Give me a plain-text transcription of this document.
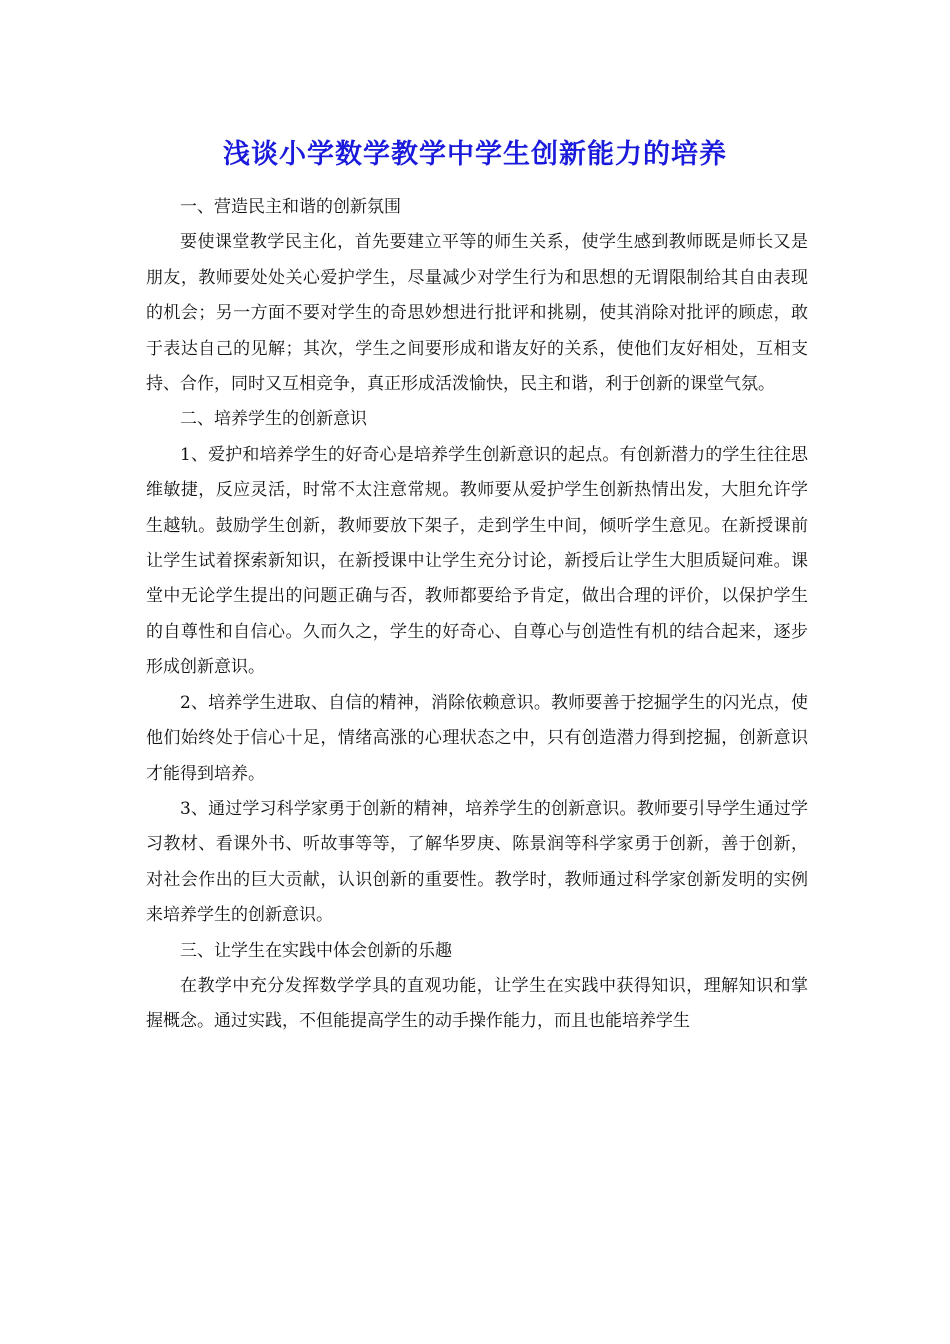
浅谈小学数学教学中学生创新能力的培养

一、营造民主和谐的创新氛围

要使课堂教学民主化，首先要建立平等的师生关系，使学生感到教师既是师长又是朋友，教师要处处关心爱护学生，尽量减少对学生行为和思想的无谓限制给其自由表现的机会；另一方面不要对学生的奇思妙想进行批评和挑剔，使其消除对批评的顾虑，敢于表达自己的见解；其次，学生之间要形成和谐友好的关系，使他们友好相处，互相支持、合作，同时又互相竞争，真正形成活泼愉快，民主和谐，利于创新的课堂气氛。

二、培养学生的创新意识

1、爱护和培养学生的好奇心是培养学生创新意识的起点。有创新潜力的学生往往思维敏捷，反应灵活，时常不太注意常规。教师要从爱护学生创新热情出发，大胆允许学生越轨。鼓励学生创新，教师要放下架子，走到学生中间，倾听学生意见。在新授课前让学生试着探索新知识，在新授课中让学生充分讨论，新授后让学生大胆质疑问难。课堂中无论学生提出的问题正确与否，教师都要给予肯定，做出合理的评价，以保护学生的自尊性和自信心。久而久之，学生的好奇心、自尊心与创造性有机的结合起来，逐步形成创新意识。

2、培养学生进取、自信的精神，消除依赖意识。教师要善于挖掘学生的闪光点，使他们始终处于信心十足，情绪高涨的心理状态之中，只有创造潜力得到挖掘，创新意识才能得到培养。

3、通过学习科学家勇于创新的精神，培养学生的创新意识。教师要引导学生通过学习教材、看课外书、听故事等等，了解华罗庚、陈景润等科学家勇于创新，善于创新，对社会作出的巨大贡献，认识创新的重要性。教学时，教师通过科学家创新发明的实例来培养学生的创新意识。

三、让学生在实践中体会创新的乐趣

在教学中充分发挥数学学具的直观功能，让学生在实践中获得知识，理解知识和掌握概念。通过实践，不但能提高学生的动手操作能力，而且也能培养学生
